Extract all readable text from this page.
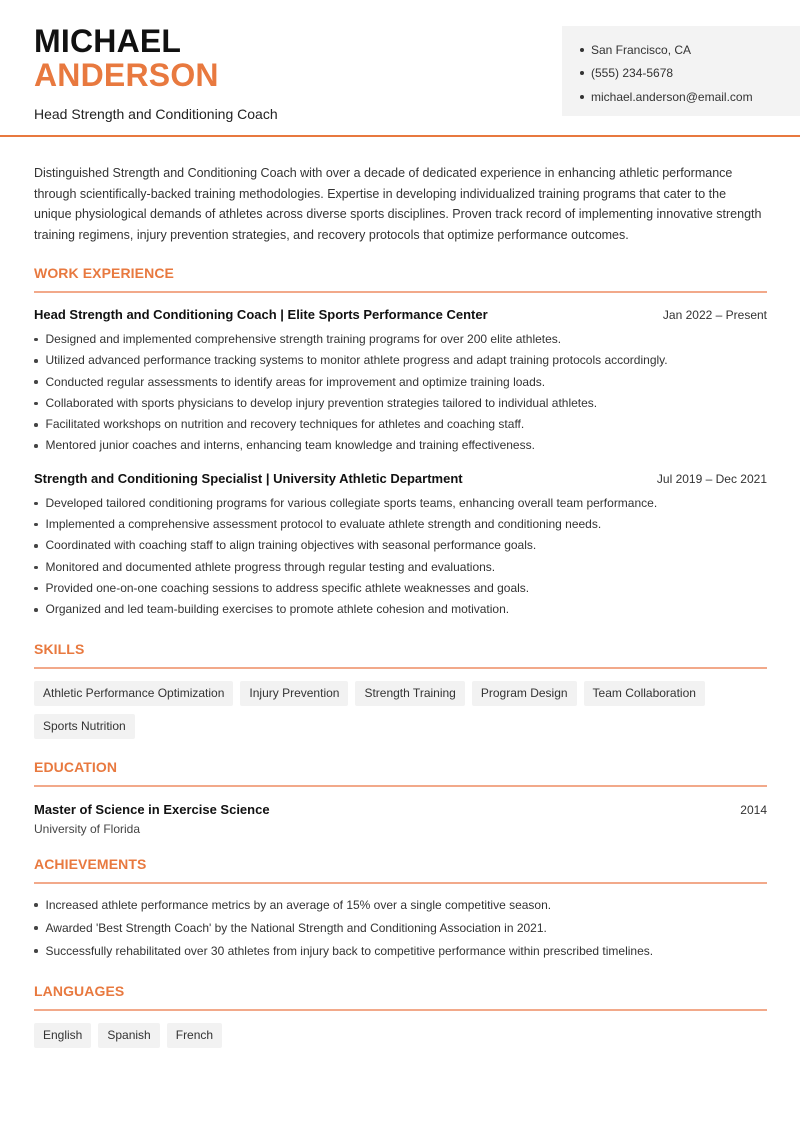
MICHAEL
ANDERSON
Head Strength and Conditioning Coach
San Francisco, CA
(555) 234-5678
michael.anderson@email.com

Distinguished Strength and Conditioning Coach with over a decade of dedicated experience in enhancing athletic performance through scientifically-backed training methodologies. Expertise in developing individualized training programs that cater to the unique physiological demands of athletes across diverse sports disciplines. Proven track record of implementing innovative strength training regimens, injury prevention strategies, and recovery protocols that optimize performance outcomes.

WORK EXPERIENCE
Head Strength and Conditioning Coach | Elite Sports Performance Center	Jan 2022 – Present
Designed and implemented comprehensive strength training programs for over 200 elite athletes.
Utilized advanced performance tracking systems to monitor athlete progress and adapt training protocols accordingly.
Conducted regular assessments to identify areas for improvement and optimize training loads.
Collaborated with sports physicians to develop injury prevention strategies tailored to individual athletes.
Facilitated workshops on nutrition and recovery techniques for athletes and coaching staff.
Mentored junior coaches and interns, enhancing team knowledge and training effectiveness.
Strength and Conditioning Specialist | University Athletic Department	Jul 2019 – Dec 2021
Developed tailored conditioning programs for various collegiate sports teams, enhancing overall team performance.
Implemented a comprehensive assessment protocol to evaluate athlete strength and conditioning needs.
Coordinated with coaching staff to align training objectives with seasonal performance goals.
Monitored and documented athlete progress through regular testing and evaluations.
Provided one-on-one coaching sessions to address specific athlete weaknesses and goals.
Organized and led team-building exercises to promote athlete cohesion and motivation.
SKILLS
Athletic Performance Optimization	Injury Prevention	Strength Training	Program Design	Team Collaboration
Sports Nutrition
EDUCATION
Master of Science in Exercise Science	2014
University of Florida
ACHIEVEMENTS
Increased athlete performance metrics by an average of 15% over a single competitive season.
Awarded 'Best Strength Coach' by the National Strength and Conditioning Association in 2021.
Successfully rehabilitated over 30 athletes from injury back to competitive performance within prescribed timelines.
LANGUAGES
English	Spanish	French
